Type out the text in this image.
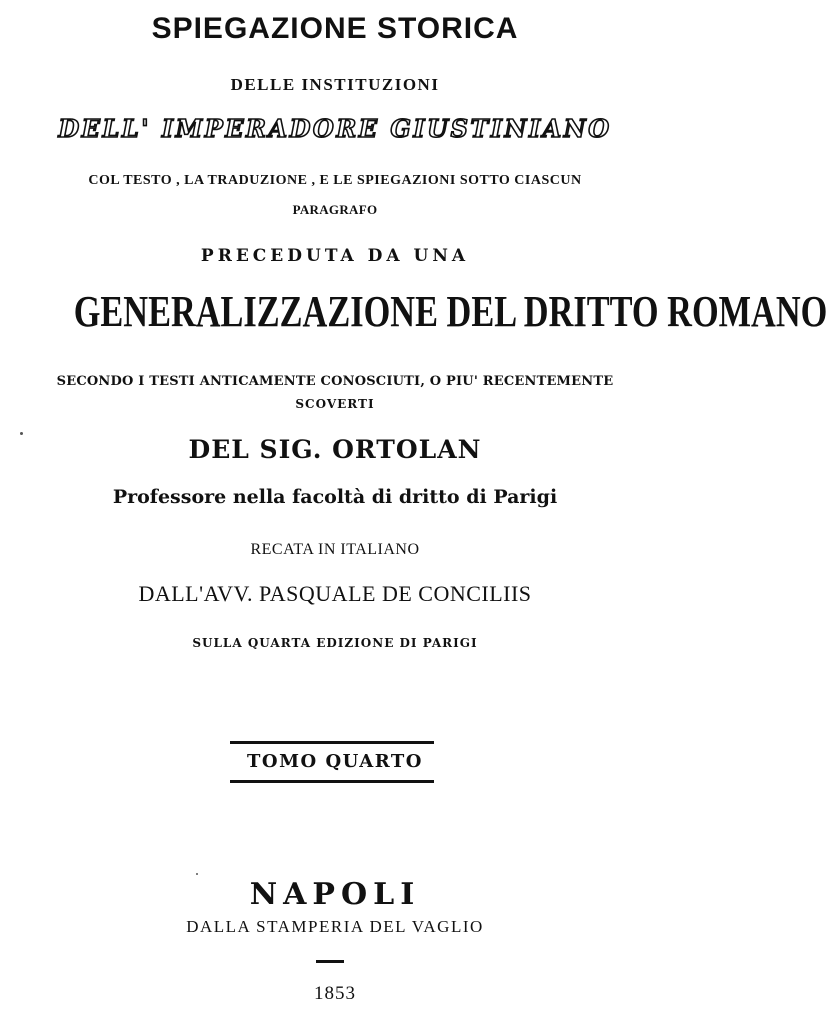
SPIEGAZIONE STORICA
DELLE INSTITUZIONI
DELL' IMPERADORE GIUSTINIANO
COL TESTO , LA TRADUZIONE , E LE SPIEGAZIONI SOTTO CIASCUN
PARAGRAFO
PRECEDUTA DA UNA
GENERALIZZAZIONE DEL DRITTO ROMANO
SECONDO I TESTI ANTICAMENTE CONOSCIUTI, O PIU' RECENTEMENTE
SCOVERTI
DEL SIG. ORTOLAN
Professore nella facoltà di dritto di Parigi
RECATA IN ITALIANO
DALL'AVV. PASQUALE DE CONCILIIS
SULLA QUARTA EDIZIONE DI PARIGI
TOMO QUARTO
NAPOLI
DALLA STAMPERIA DEL VAGLIO
1853
